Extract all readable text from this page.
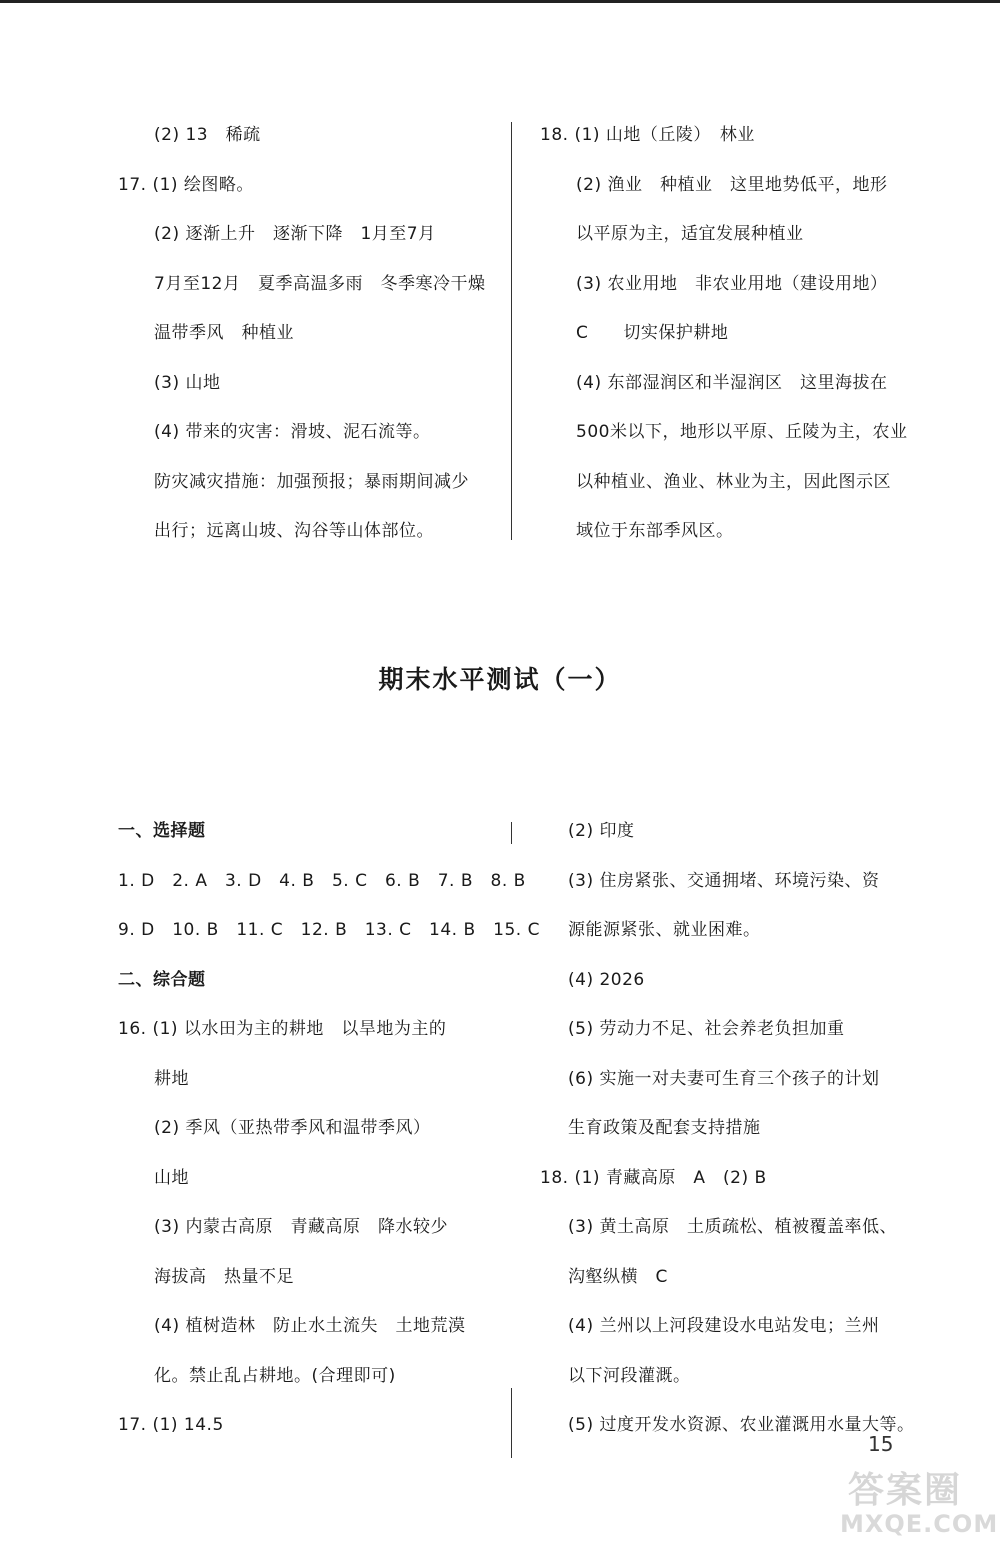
(2) 13　稀疏
17. (1) 绘图略。
(2) 逐渐上升　逐渐下降　1月至7月
7月至12月　夏季高温多雨　冬季寒冷干燥
温带季风　种植业
(3) 山地
(4) 带来的灾害：滑坡、泥石流等。
防灾减灾措施：加强预报；暴雨期间减少
出行；远离山坡、沟谷等山体部位。
18. (1) 山地（丘陵）　林业
(2) 渔业　种植业　这里地势低平，地形
以平原为主，适宜发展种植业
(3) 农业用地　非农业用地（建设用地）
C　　切实保护耕地
(4) 东部湿润区和半湿润区　这里海拔在
500米以下，地形以平原、丘陵为主，农业
以种植业、渔业、林业为主，因此图示区
域位于东部季风区。
期末水平测试（一）
一、选择题
1. D　2. A　3. D　4. B　5. C　6. B　7. B　8. B
9. D　10. B　11. C　12. B　13. C　14. B　15. C
二、综合题
16. (1) 以水田为主的耕地　以旱地为主的
耕地
(2) 季风（亚热带季风和温带季风）
山地
(3) 内蒙古高原　青藏高原　降水较少
海拔高　热量不足
(4) 植树造林　防止水土流失　土地荒漠
化。禁止乱占耕地。(合理即可)
17. (1) 14.5
(2) 印度
(3) 住房紧张、交通拥堵、环境污染、资
源能源紧张、就业困难。
(4) 2026
(5) 劳动力不足、社会养老负担加重
(6) 实施一对夫妻可生育三个孩子的计划
生育政策及配套支持措施
18. (1) 青藏高原　A　(2) B
(3) 黄土高原　土质疏松、植被覆盖率低、
沟壑纵横　C
(4) 兰州以上河段建设水电站发电；兰州
以下河段灌溉。
(5) 过度开发水资源、农业灌溉用水量大等。
15
答案圈
MXQE.COM
